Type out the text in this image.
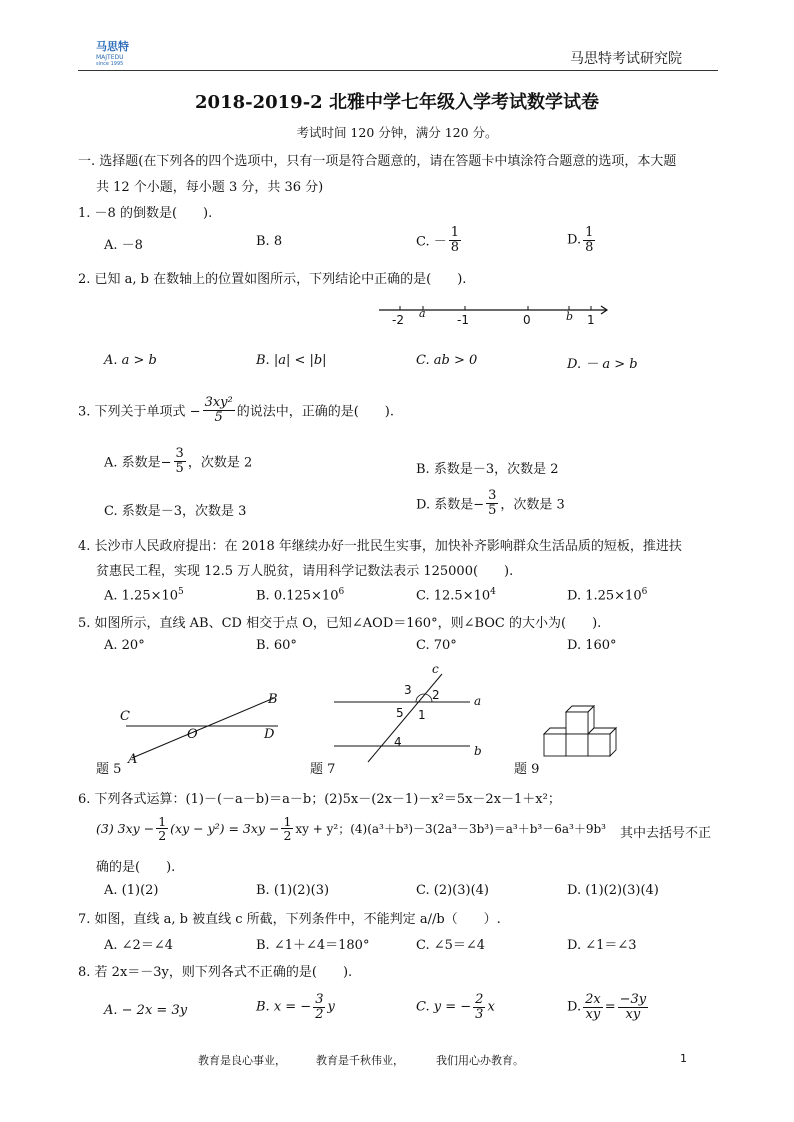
马思特
MAJTEDU
since 1995	马思特考试研究院
2018-2019-2 北雅中学七年级入学考试数学试卷
考试时间 120 分钟，满分 120 分。
一. 选择题(在下列各的四个选项中，只有一项是符合题意的，请在答题卡中填涂符合题意的选项，本大题
共 12 个小题，每小题 3 分，共 36 分)
1. －8 的倒数是(　　).
A. －8	B. 8	C. － $\frac{1}{8}$	D. $\frac{1}{8}$
2. 已知 a, b 在数轴上的位置如图所示，下列结论中正确的是(　　).
-2 a	-1	0	b 1
A. a > b	B. |a| < |b|	C. ab > 0	D. － a > b
3. 下列关于单项式 − $\frac{\text{3xy²}}{5}$ 的说法中，正确的是(　　).
A. 系数是− $\frac{3}{5}$ ，次数是 2	B. 系数是－3，次数是 2
C. 系数是－3，次数是 3	D. 系数是− $\frac{3}{5}$ ，次数是 3
4. 长沙市人民政府提出：在 2018 年继续办好一批民生实事，加快补齐影响群众生活品质的短板，推进扶
贫惠民工程，实现 12.5 万人脱贫，请用科学记数法表示 125000(　　).
A. $1.25\times 10^5$	B. $0.125\times 10^6$	C. $12.5\times 10^4$	D. $1.25\times 10^6$
5. 如图所示，直线 AB、CD 相交于点 O，已知∠AOD＝160°，则∠BOC 的大小为(　　).
A. 20°	B. 60°	C. 70°	D. 160°
C
B
O	D
A
题 5
c
3 2	a
5 1
4
b
题 7	题 9
6. 下列各式运算：(1)－(－a－b)＝a－b；(2)5x－(2x－1)－x²＝5x－2x－1＋x²；
(3) $3xy - \frac{1}{2} (xy - y^2) = 3xy - \frac{1}{2}$ xy + y²；(4)(a³＋b³)－3(2a³－3b³)＝a³＋b³－6a³＋9b³ 其中去括号不正
确的是(　　).
A. (1)(2)	B. (1)(2)(3)	C. (2)(3)(4)	D. (1)(2)(3)(4)
7. 如图，直线 a, b 被直线 c 所截，下列条件中，不能判定 a//b（　　）.
A. ∠2＝∠4	B. ∠1＋∠4＝180°	C. ∠5＝∠4	D. ∠1＝∠3
8. 若 2x＝－3y，则下列各式不正确的是(　　).
A. − 2x = 3y	B. x = − $\frac{3}{2}$ y	C. y = − $\frac{2}{3}$ x	D. $\frac{2x}{xy} = \frac{-3y}{xy}$
教育是良心事业，	教育是千秋伟业，	我们用心办教育。	1
